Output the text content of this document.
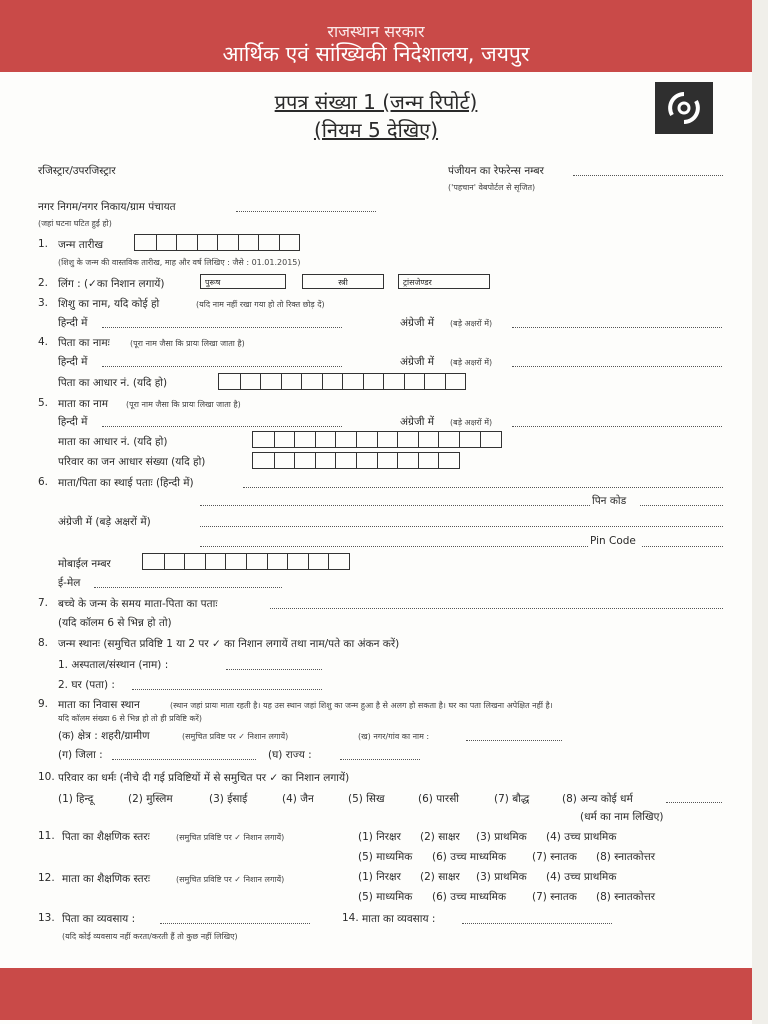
राजस्थान सरकार
आर्थिक एवं सांख्यिकी निदेशालय, जयपुर
प्रपत्र संख्या 1 (जन्म रिपोर्ट)
(नियम 5 देखिए)
रजिस्ट्रार/उपरजिस्ट्रार	पंजीयन का रेफरेन्स नम्बर
('पहचान' वेबपोर्टल से सृजित)
नगर निगम/नगर निकाय/ग्राम पंचायत
(जहां घटना घटित हुई हो)
1. जन्म तारीख
(शिशु के जन्म की वास्तविक तारीख, माह और वर्ष लिखिए : जैसे : 01.01.2015)
2. लिंग : (✓का निशान लगायें)	पुरूष	स्त्री	ट्रांसजेण्डर
3. शिशु का नाम, यदि कोई हो	(यदि नाम नहीं रखा गया हो तो रिक्त छोड़ दें)
हिन्दी में	अंग्रेजी में (बड़े अक्षरों में)
4. पिता का नामः	(पूरा नाम जैसा कि प्रायः लिखा जाता है)
हिन्दी में	अंग्रेजी में (बड़े अक्षरों में)
पिता का आधार नं. (यदि हो)
5. माता का नाम (पूरा नाम जैसा कि प्रायः लिखा जाता है)
हिन्दी में	अंग्रेजी में (बड़े अक्षरों में)
माता का आधार नं. (यदि हो)
परिवार का जन आधार संख्या (यदि हो)
6. माता/पिता का स्थाई पताः (हिन्दी में)
पिन कोड
अंग्रेजी में (बड़े अक्षरों में)
Pin Code
मोबाईल नम्बर
ई-मेल
7. बच्चे के जन्म के समय माता-पिता का पताः
(यदि कॉलम 6 से भिन्न हो तो)
8. जन्म स्थानः (समुचित प्रविष्टि 1 या 2 पर ✓ का निशान लगायें तथा नाम/पते का अंकन करें)
1. अस्पताल/संस्थान (नाम) :
2. घर (पता) :
9. माता का निवास स्थान	(स्थान जहां प्रायः माता रहती है। यह उस स्थान जहां शिशु का जन्म हुआ है से अलग हो सकता है। घर का पता लिखना अपेक्षित नहीं है।
यदि कॉलम संख्या 6 से भिन्न हो तो ही प्रविष्टि करें)
(क) क्षेत्र : शहरी/ग्रामीण	(समुचित प्रविष्ट पर ✓ निशान लगायें)	(ख) नगर/गांव का नाम :
(ग) जिला :	(घ) राज्य :
10. परिवार का धर्मः (नीचे दी गई प्रविष्टियों में से समुचित पर ✓ का निशान लगायें)
(1) हिन्दू	(2) मुस्लिम	(3) ईसाई	(4) जैन	(5) सिख	(6) पारसी	(7) बौद्ध	(8) अन्य कोई धर्म
(धर्म का नाम लिखिए)
11. पिता का शैक्षणिक स्तरः	(समुचित प्रविष्टि पर ✓ निशान लगायें)	(1) निरक्षर (2) साक्षर (3) प्राथमिक (4) उच्च प्राथमिक
(5) माध्यमिक (6) उच्च माध्यमिक (7) स्नातक (8) स्नातकोत्तर
12. माता का शैक्षणिक स्तरः	(समुचित प्रविष्टि पर ✓ निशान लगायें)	(1) निरक्षर (2) साक्षर (3) प्राथमिक (4) उच्च प्राथमिक
(5) माध्यमिक (6) उच्च माध्यमिक (7) स्नातक (8) स्नातकोत्तर
13. पिता का व्यवसाय :	14. माता का व्यवसाय :
(यदि कोई व्यवसाय नहीं करता/करती हैं तो कुछ नहीं लिखिए)
